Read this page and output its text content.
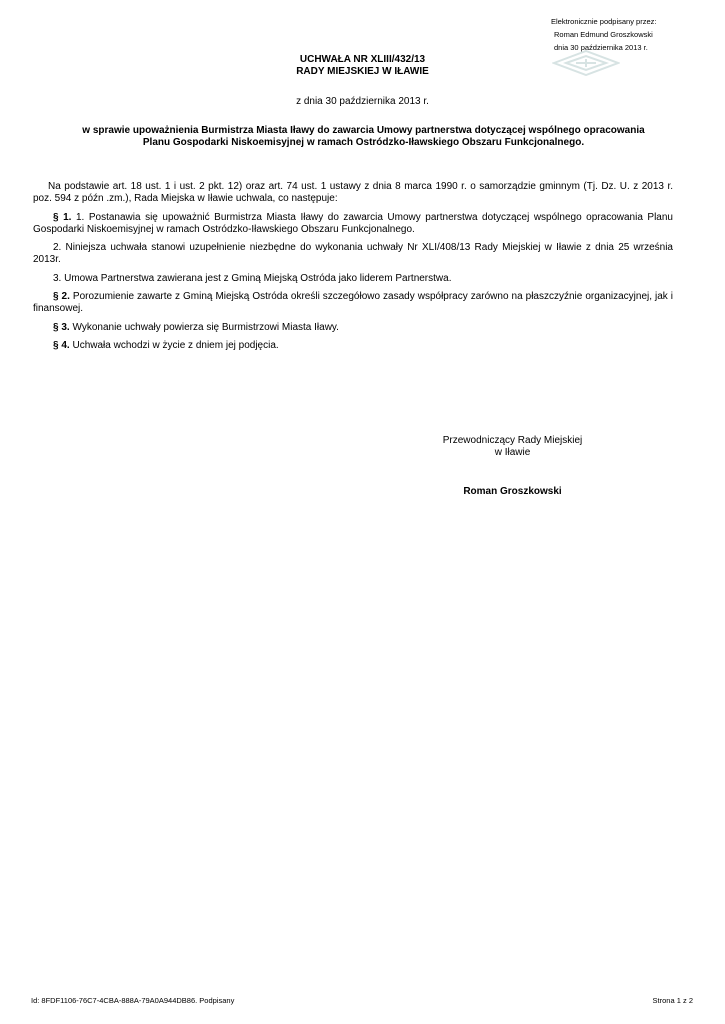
Elektronicznie podpisany przez:
Roman Edmund Groszkowski
dnia 30 października 2013 r.
UCHWAŁA NR XLIII/432/13
RADY MIEJSKIEJ W IŁAWIE
z dnia 30 października 2013 r.
w sprawie upoważnienia Burmistrza Miasta Iławy do zawarcia Umowy partnerstwa dotyczącej wspólnego opracowania
Planu Gospodarki Niskoemisyjnej w ramach Ostródzko-Iławskiego Obszaru Funkcjonalnego.

Na podstawie art. 18 ust. 1 i ust. 2 pkt. 12) oraz art. 74 ust. 1 ustawy z dnia 8 marca 1990 r. o samorządzie gminnym (Tj. Dz. U. z 2013 r. poz. 594 z późn .zm.), Rada Miejska w Iławie uchwala, co następuje:

§ 1. 1. Postanawia się upoważnić Burmistrza Miasta Iławy do zawarcia Umowy partnerstwa dotyczącej wspólnego opracowania Planu Gospodarki Niskoemisyjnej w ramach Ostródzko-Iławskiego Obszaru Funkcjonalnego.

2. Niniejsza uchwała stanowi uzupełnienie niezbędne do wykonania uchwały Nr XLI/408/13 Rady Miejskiej w Iławie z dnia 25 września 2013r.

3. Umowa Partnerstwa zawierana jest z Gminą Miejską Ostróda jako liderem Partnerstwa.

§ 2. Porozumienie zawarte z Gminą Miejską Ostróda określi szczegółowo zasady współpracy zarówno na płaszczyźnie organizacyjnej, jak i finansowej.

§ 3. Wykonanie uchwały powierza się Burmistrzowi Miasta Iławy.

§ 4. Uchwała wchodzi w życie z dniem jej podjęcia.

Przewodniczący Rady Miejskiej
w Iławie
Roman Groszkowski
Id: 8FDF1106-76C7-4CBA-888A-79A0A944DB86. Podpisany	Strona 1 z 2
